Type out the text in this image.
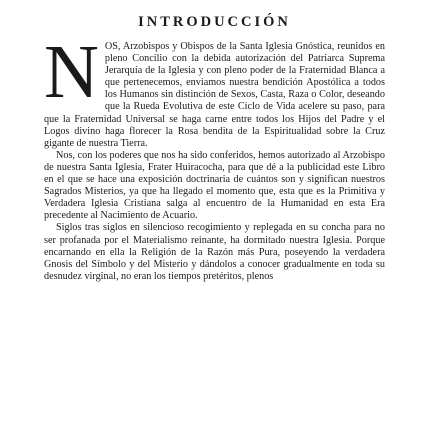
INTRODUCCIÓN

NOS, Arzobispos y Obispos de la Santa Iglesia Gnóstica, reunidos en pleno Concilio con la debida autorización del Patriarca Suprema Jerarquía de la Iglesia y con pleno poder de la Fraternidad Blanca a que pertenecemos, enviamos nuestra bendición Apostólica a todos los Humanos sin distinción de Sexos, Casta, Raza o Color, deseando que la Rueda Evolutiva de este Ciclo de Vida acelere su paso, para que la Fraternidad Universal se haga carne entre todos los Hijos del Padre y el Logos divino haga florecer la Rosa bendita de la Espiritualidad sobre la Cruz gigante de nuestra Tierra.

Nos, con los poderes que nos ha sido conferidos, hemos autorizado al Arzobispo de nuestra Santa Iglesia, Frater Huiracocha, para que dé a la publicidad este Libro en el que se hace una exposición doctrinaria de cuántos son y significan nuestros Sagrados Misterios, ya que ha llegado el momento que, esta que es la Primitiva y Verdadera Iglesia Cristiana salga al encuentro de la Humanidad en esta Era precedente al Nacimiento de Acuario.

Siglos tras siglos en silencioso recogimiento y replegada en su concha para no ser profanada por el Materialismo reinante, ha dormitado nuestra Iglesia. Porque encarnando en ella la Religión de la Razón más Pura, poseyendo la verdadera Gnosis del Símbolo y del Misterio y dándolos a conocer gradualmente en toda su desnudez virginal, no eran los tiempos pretéritos, plenos
